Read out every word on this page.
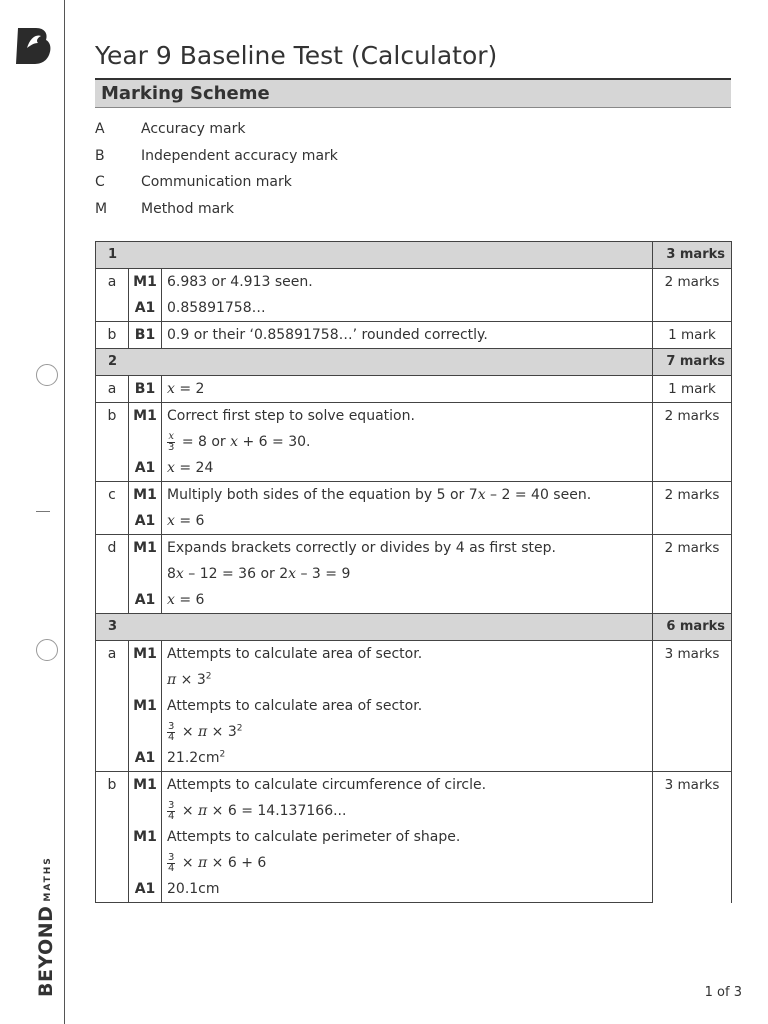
BEYONDMATHS
Year 9 Baseline Test (Calculator)
Marking Scheme
A	Accuracy mark
B	Independent accuracy mark
C	Communication mark
M	Method mark
1			3 marks
a	M1	6.983 or 4.913 seen.	2 marks
	A1	0.85891758…	
b	B1	0.9 or their ‘0.85891758…’ rounded correctly.	1 mark
2			7 marks
a	B1	x = 2	1 mark
b	M1	Correct first step to solve equation.	2 marks

		$\frac{x}{3} = 8$ or x + 6 = 30.	
	A1	x = 24	
c	M1	Multiply both sides of the equation by 5 or 7x – 2 = 40 seen.	2 marks
	A1	x = 6	
d	M1	Expands brackets correctly or divides by 4 as first step.	2 marks
		8x – 12 = 36 or 2x – 3 = 9	
	A1	x = 6	
3			6 marks
a	M1	Attempts to calculate area of sector.	3 marks
		$\pi \times 3^2$
	M1	Attempts to calculate area of sector.	

		$\frac{3}{4} \times \pi \times 3^2$
	A1	$21.2cm^2$
b	M1	Attempts to calculate circumference of circle.	3 marks

		$\frac{3}{4} \times \pi \times 6 = 14.137166$...	
	M1	Attempts to calculate perimeter of shape.	

		$\frac{3}{4} \times \pi \times 6 + 6$	
	A1	20.1cm	
1 of 3
